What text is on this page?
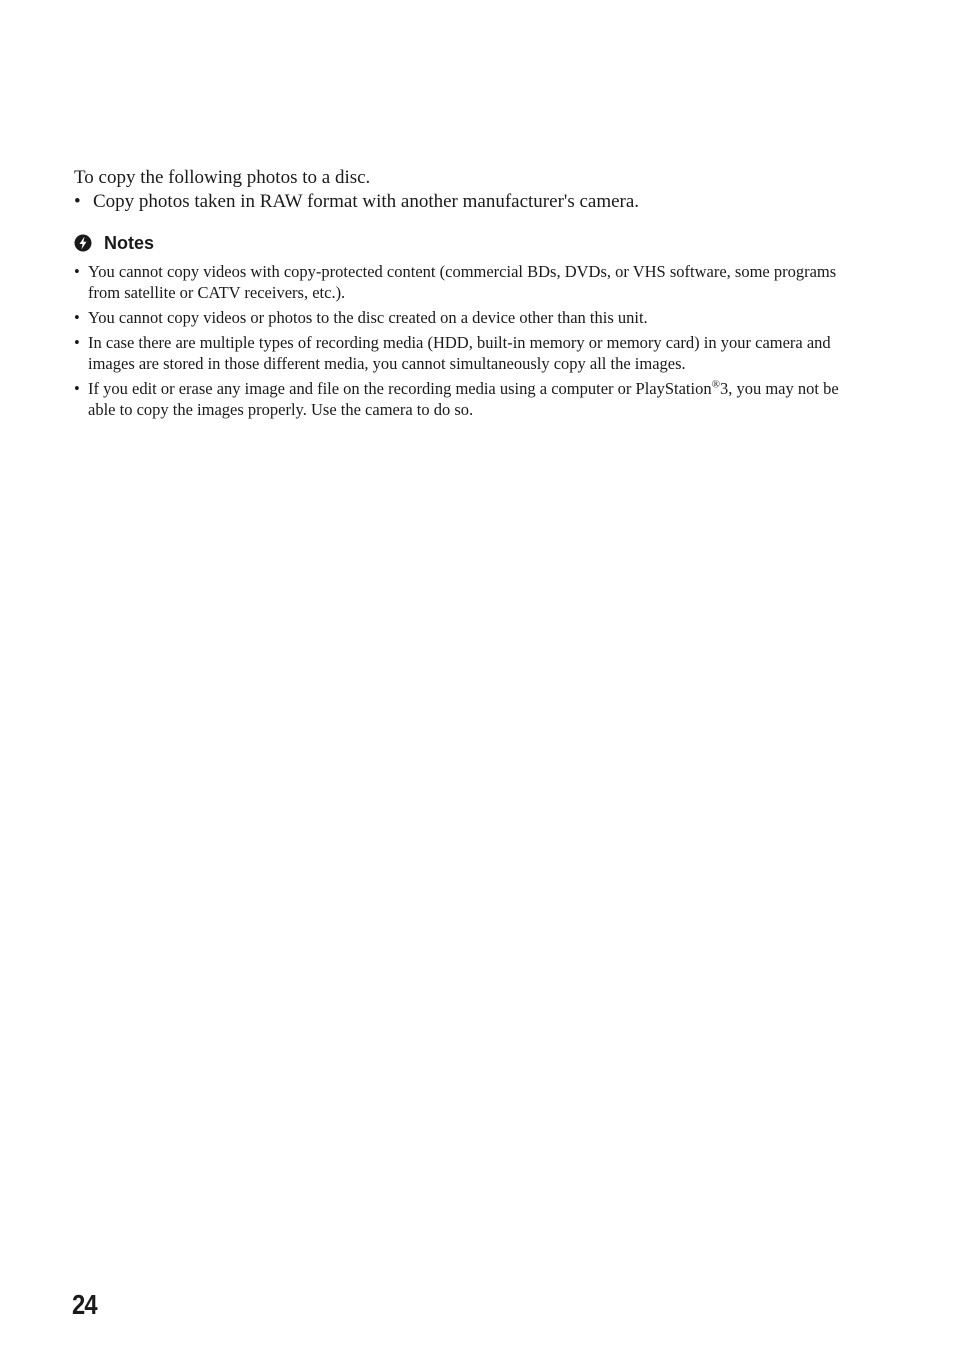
To copy the following photos to a disc.

• Copy photos taken in RAW format with another manufacturer's camera.

Notes
• You cannot copy videos with copy-protected content (commercial BDs, DVDs, or VHS software, some programs from satellite or CATV receivers, etc.).
• You cannot copy videos or photos to the disc created on a device other than this unit.
• In case there are multiple types of recording media (HDD, built-in memory or memory card) in your camera and images are stored in those different media, you cannot simultaneously copy all the images.
• If you edit or erase any image and file on the recording media using a computer or PlayStation®3, you may not be able to copy the images properly. Use the camera to do so.
24
